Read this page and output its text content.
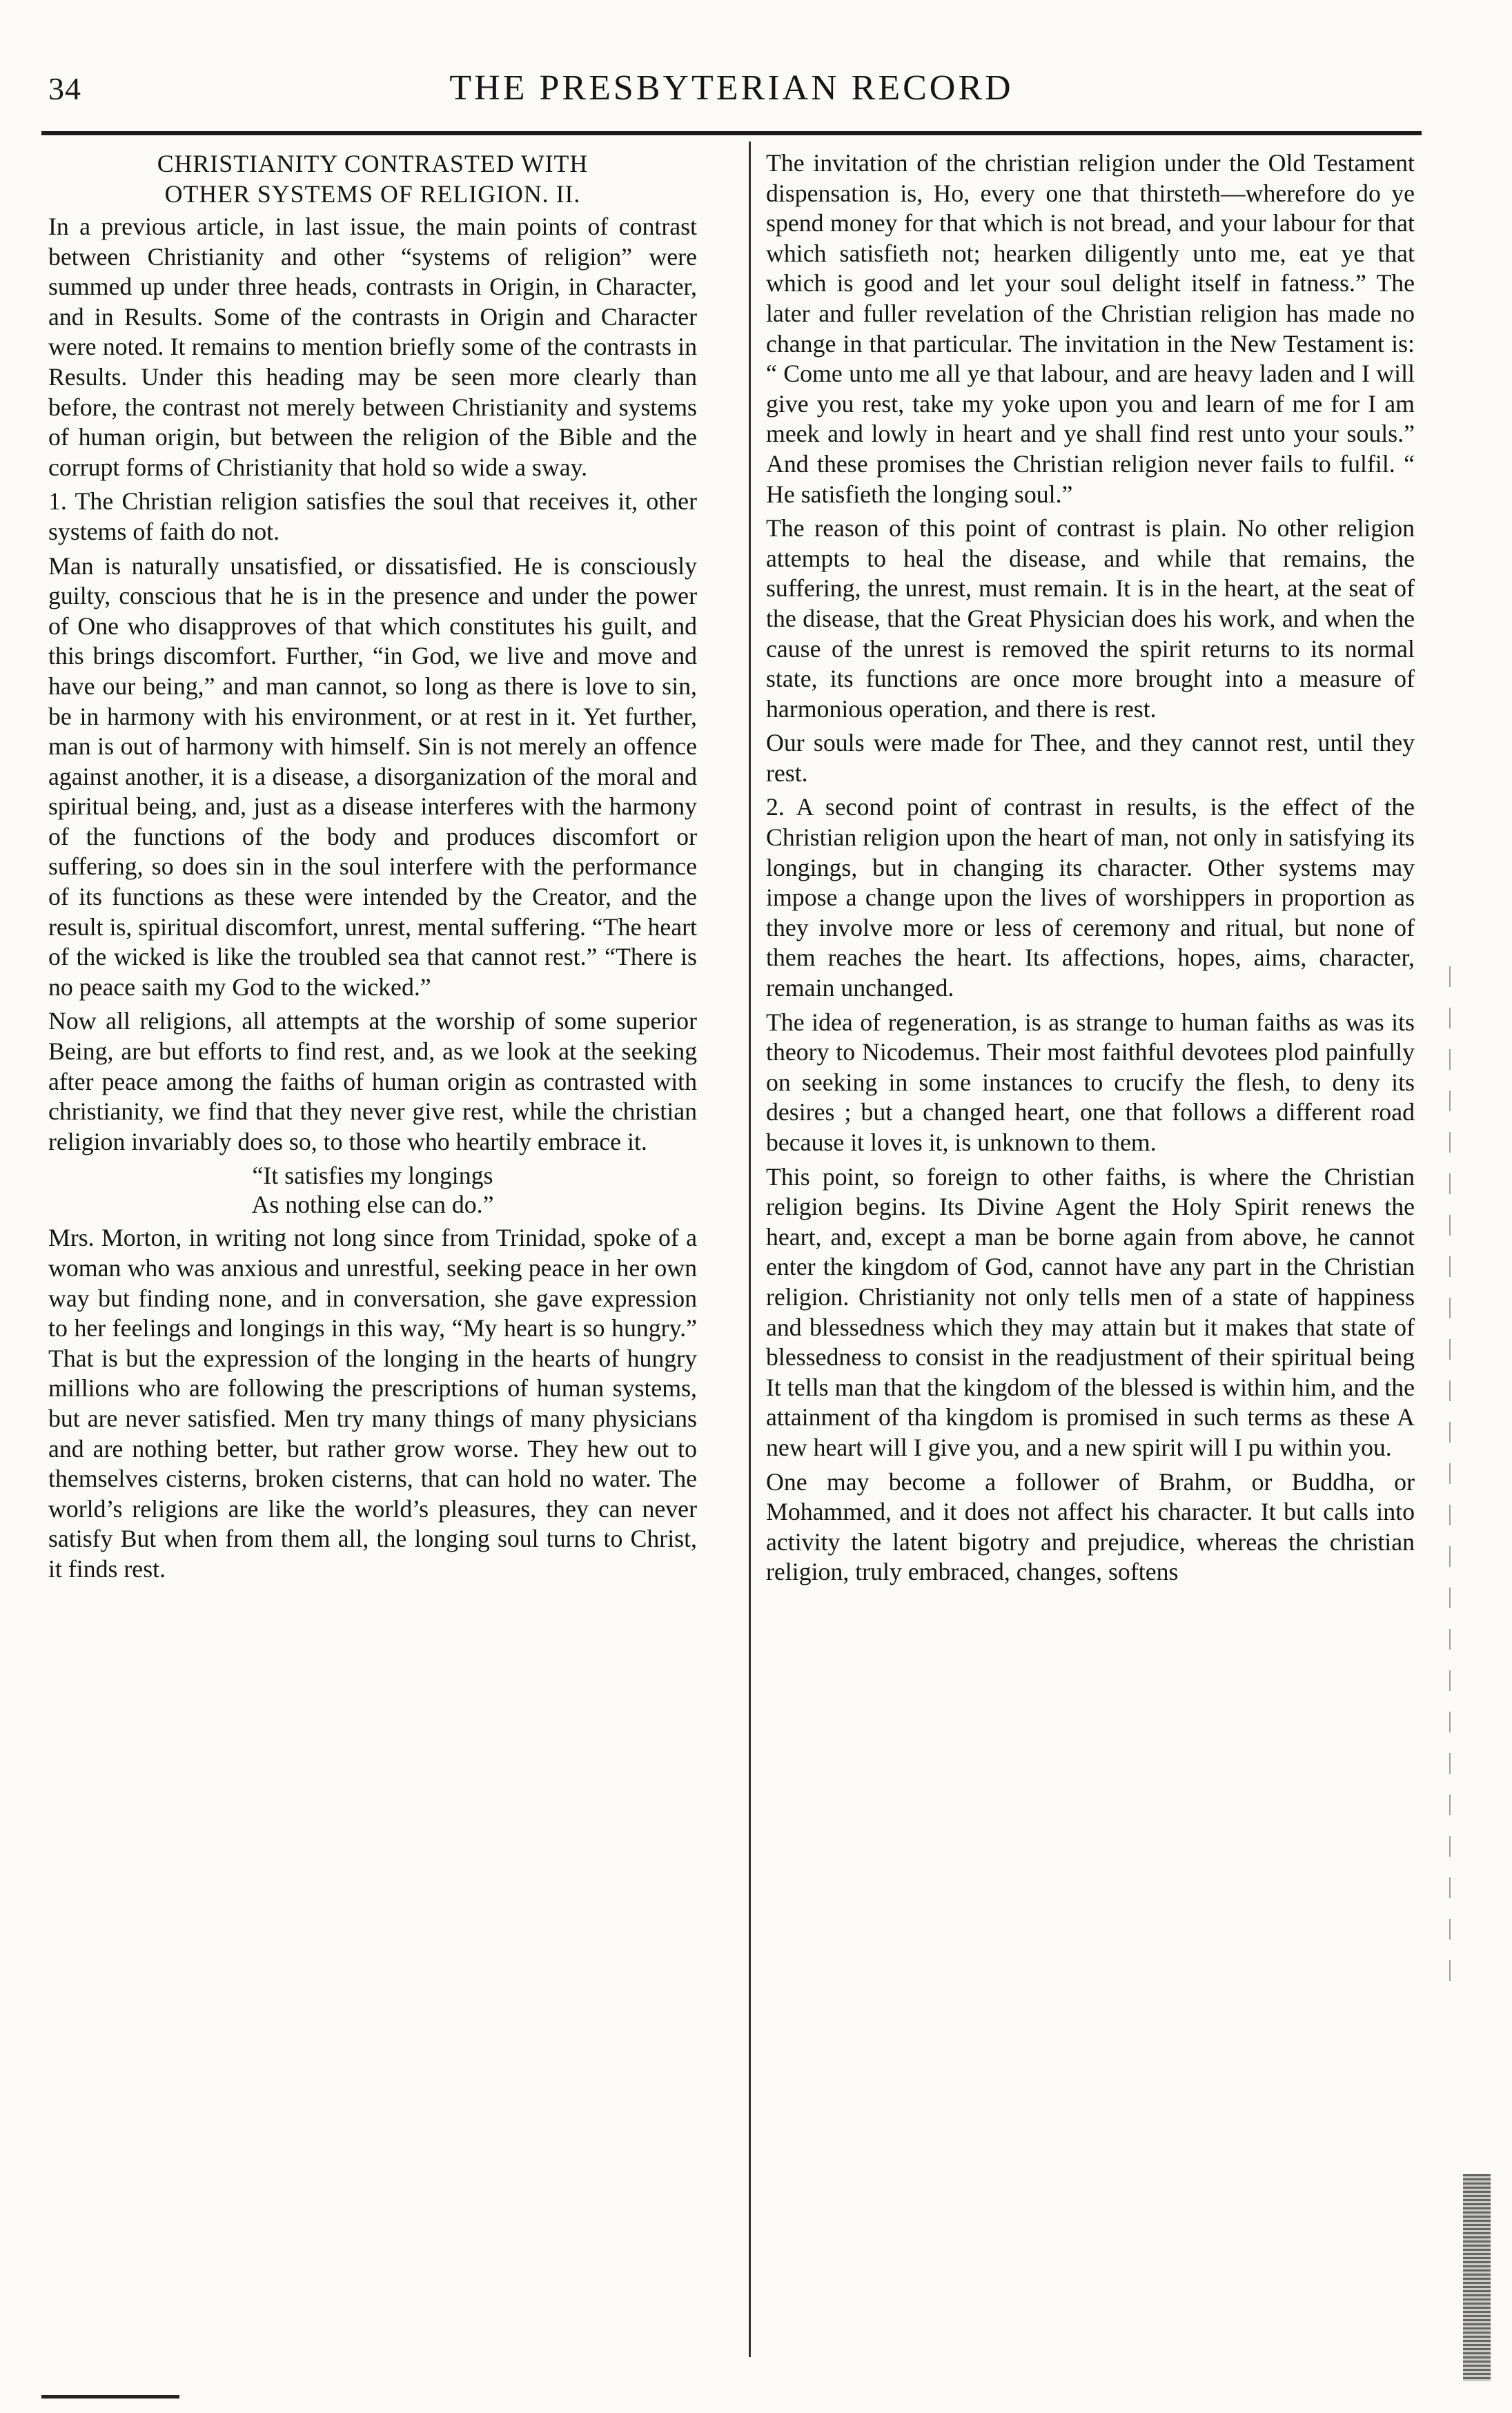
34	THE PRESBYTERIAN RECORD
CHRISTIANITY CONTRASTED WITH
OTHER SYSTEMS OF RELIGION. II.

In a previous article, in last issue, the main points of contrast between Christianity and other “systems of religion” were summed up under three heads, contrasts in Origin, in Character, and in Results. Some of the contrasts in Origin and Character were noted. It remains to mention briefly some of the contrasts in Results. Under this heading may be seen more clearly than before, the contrast not merely between Christianity and systems of human origin, but between the religion of the Bible and the corrupt forms of Christianity that hold so wide a sway.

1. The Christian religion satisfies the soul that receives it, other systems of faith do not.

Man is naturally unsatisfied, or dissatisfied. He is consciously guilty, conscious that he is in the presence and under the power of One who disapproves of that which constitutes his guilt, and this brings discomfort. Further, “in God, we live and move and have our being,” and man cannot, so long as there is love to sin, be in harmony with his environment, or at rest in it. Yet further, man is out of harmony with himself. Sin is not merely an offence against another, it is a disease, a disorganization of the moral and spiritual being, and, just as a disease interferes with the harmony of the functions of the body and produces discomfort or suffering, so does sin in the soul interfere with the performance of its functions as these were intended by the Creator, and the result is, spiritual discomfort, unrest, mental suffering. “The heart of the wicked is like the troubled sea that cannot rest.” “There is no peace saith my God to the wicked.”

Now all religions, all attempts at the worship of some superior Being, are but efforts to find rest, and, as we look at the seeking after peace among the faiths of human origin as contrasted with christianity, we find that they never give rest, while the christian religion invariably does so, to those who heartily embrace it.

“It satisfies my longings
As nothing else can do.”

Mrs. Morton, in writing not long since from Trinidad, spoke of a woman who was anxious and unrestful, seeking peace in her own way but finding none, and in conversation, she gave expression to her feelings and longings in this way, “My heart is so hungry.” That is but the expression of the longing in the hearts of hungry millions who are following the prescriptions of human systems, but are never satisfied. Men try many things of many physicians and are nothing better, but rather grow worse. They hew out to themselves cisterns, broken cisterns, that can hold no water. The world’s religions are like the world’s pleasures, they can never satisfy But when from them all, the longing soul turns to Christ, it finds rest.

The invitation of the christian religion under the Old Testament dispensation is, Ho, every one that thirsteth—wherefore do ye spend money for that which is not bread, and your labour for that which satisfieth not; hearken diligently unto me, eat ye that which is good and let your soul delight itself in fatness.” The later and fuller revelation of the Christian religion has made no change in that particular. The invitation in the New Testament is: “ Come unto me all ye that labour, and are heavy laden and I will give you rest, take my yoke upon you and learn of me for I am meek and lowly in heart and ye shall find rest unto your souls.” And these promises the Christian religion never fails to fulfil. “ He satisfieth the longing soul.”

The reason of this point of contrast is plain. No other religion attempts to heal the disease, and while that remains, the suffering, the unrest, must remain. It is in the heart, at the seat of the disease, that the Great Physician does his work, and when the cause of the unrest is removed the spirit returns to its normal state, its functions are once more brought into a measure of harmonious operation, and there is rest.

Our souls were made for Thee, and they cannot rest, until they rest.

2. A second point of contrast in results, is the effect of the Christian religion upon the heart of man, not only in satisfying its longings, but in changing its character. Other systems may impose a change upon the lives of worshippers in proportion as they involve more or less of ceremony and ritual, but none of them reaches the heart. Its affections, hopes, aims, character, remain unchanged.

The idea of regeneration, is as strange to human faiths as was its theory to Nicodemus. Their most faithful devotees plod painfully on seeking in some instances to crucify the flesh, to deny its desires ; but a changed heart, one that follows a different road because it loves it, is unknown to them.

This point, so foreign to other faiths, is where the Christian religion begins. Its Divine Agent the Holy Spirit renews the heart, and, except a man be borne again from above, he cannot enter the kingdom of God, cannot have any part in the Christian religion. Christianity not only tells men of a state of happiness and blessedness which they may attain but it makes that state of blessedness to consist in the readjustment of their spiritual being It tells man that the kingdom of the blessed is within him, and the attainment of tha kingdom is promised in such terms as these A new heart will I give you, and a new spirit will I pu within you.

One may become a follower of Brahm, or Buddha, or Mohammed, and it does not affect his character. It but calls into activity the latent bigotry and prejudice, whereas the christian religion, truly embraced, changes, softens
